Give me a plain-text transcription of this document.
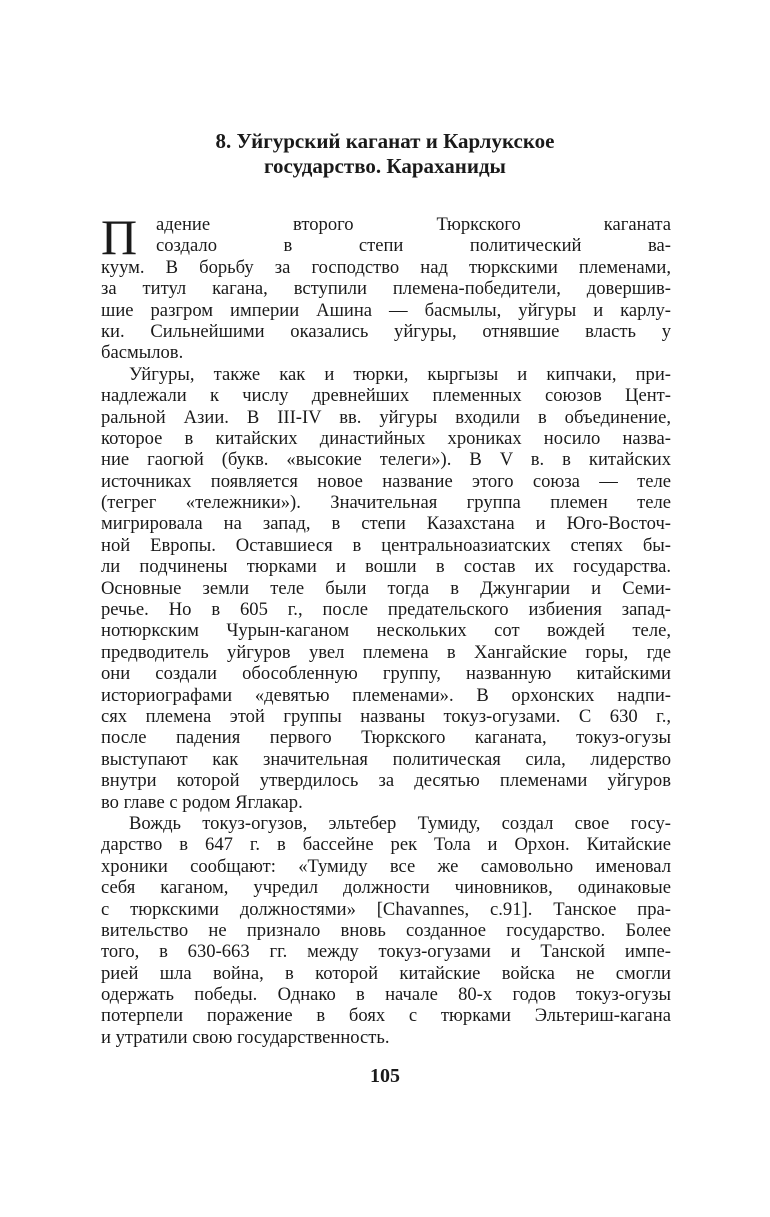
8. Уйгурский каганат и Карлукское
государство. Караханиды
П	адение второго Тюркского каганата
создало в степи политический ва-
куум. В борьбу за господство над тюркскими племенами,
за титул кагана, вступили племена-победители, довершив-
шие разгром империи Ашина — басмылы, уйгуры и карлу-
ки. Сильнейшими оказались уйгуры, отнявшие власть у
басмылов.
Уйгуры, также как и тюрки, кыргызы и кипчаки, при-
надлежали к числу древнейших племенных союзов Цент-
ральной Азии. В III-IV вв. уйгуры входили в объединение,
которое в китайских династийных хрониках носило назва-
ние гаогюй (букв. «высокие телеги»). В V в. в китайских
источниках появляется новое название этого союза — теле
(тегрег «тележники»). Значительная группа племен теле
мигрировала на запад, в степи Казахстана и Юго-Восточ-
ной Европы. Оставшиеся в центральноазиатских степях бы-
ли подчинены тюрками и вошли в состав их государства.
Основные земли теле были тогда в Джунгарии и Семи-
речье. Но в 605 г., после предательского избиения запад-
нотюркским Чурын-каганом нескольких сот вождей теле,
предводитель уйгуров увел племена в Хангайские горы, где
они создали обособленную группу, названную китайскими
историографами «девятью племенами». В орхонских надпи-
сях племена этой группы названы токуз-огузами. С 630 г.,
после падения первого Тюркского каганата, токуз-огузы
выступают как значительная политическая сила, лидерство
внутри которой утвердилось за десятью племенами уйгуров
во главе с родом Яглакар.
Вождь токуз-огузов, эльтебер Тумиду, создал свое госу-
дарство в 647 г. в бассейне рек Тола и Орхон. Китайские
хроники сообщают: «Тумиду все же самовольно именовал
себя каганом, учредил должности чиновников, одинаковые
с тюркскими должностями» [Chavannes, с.91]. Танское пра-
вительство не признало вновь созданное государство. Более
того, в 630-663 гг. между токуз-огузами и Танской импе-
рией шла война, в которой китайские войска не смогли
одержать победы. Однако в начале 80-х годов токуз-огузы
потерпели поражение в боях с тюрками Эльтериш-кагана
и утратили свою государственность.
105
